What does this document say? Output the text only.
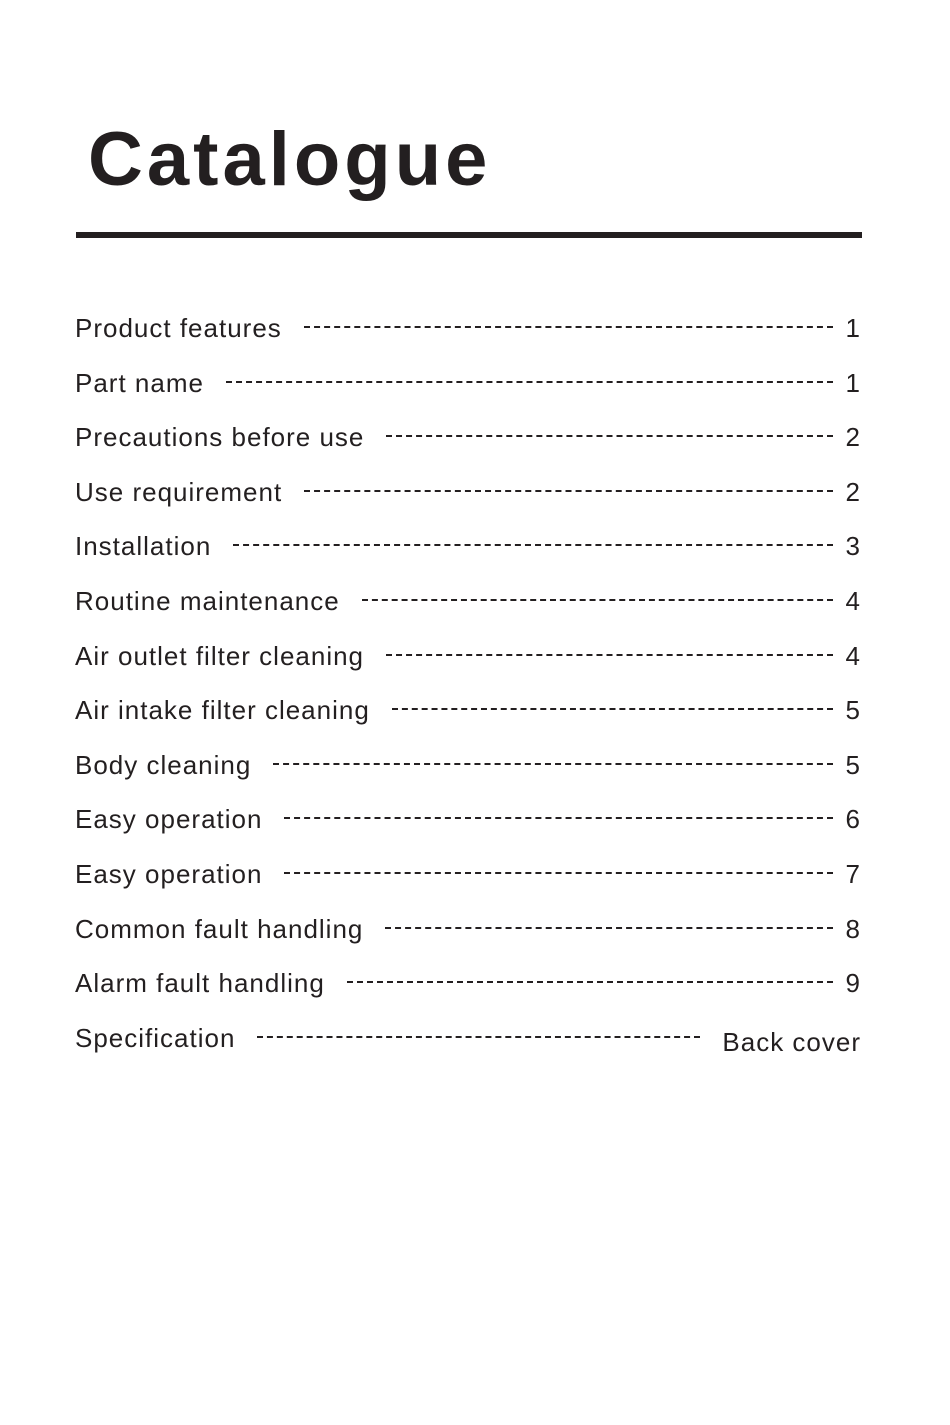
Catalogue
Product features	1
Part name	1
Precautions before use	2
Use requirement	2
Installation	3
Routine maintenance	4
Air outlet filter cleaning	4
Air intake filter cleaning	5
Body cleaning	5
Easy operation	6
Easy operation	7
Common fault handling	8
Alarm fault handling	9
Specification	Back cover
